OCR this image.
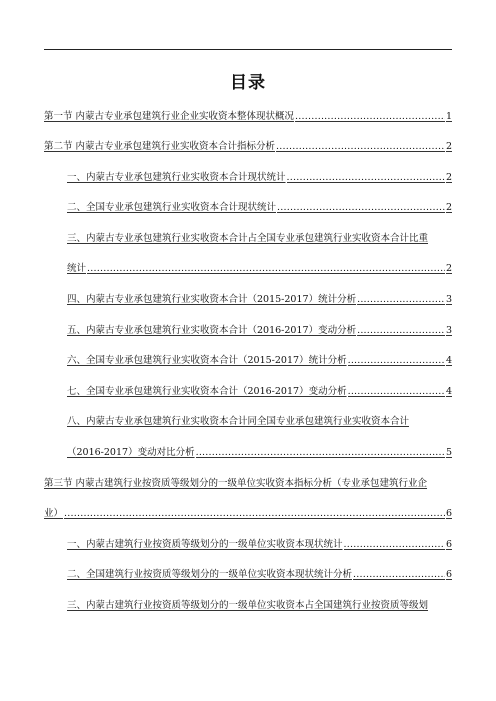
目录
第一节 内蒙古专业承包建筑行业企业实收资本整体现状概况 . . .	1
第二节 内蒙古专业承包建筑行业实收资本合计指标分析 . . .	2
一、内蒙古专业承包建筑行业实收资本合计现状统计 . . .	2
二、全国专业承包建筑行业实收资本合计现状统计 . . .	2
三、内蒙古专业承包建筑行业实收资本合计占全国专业承包建筑行业实收资本合计比重
统计 . . .	2
四、内蒙古专业承包建筑行业实收资本合计（2015-2017）统计分析 . . .	3
五、内蒙古专业承包建筑行业实收资本合计（2016-2017）变动分析 . . .	3
六、全国专业承包建筑行业实收资本合计（2015-2017）统计分析 . . .	4
七、全国专业承包建筑行业实收资本合计（2016-2017）变动分析 . . .	4
八、内蒙古专业承包建筑行业实收资本合计同全国专业承包建筑行业实收资本合计
（2016-2017）变动对比分析 . . .	5
第三节 内蒙古建筑行业按资质等级划分的一级单位实收资本指标分析（专业承包建筑行业企
业） . . .	6
一、内蒙古建筑行业按资质等级划分的一级单位实收资本现状统计 . . .	6
二、全国建筑行业按资质等级划分的一级单位实收资本现状统计分析 . . .	6
三、内蒙古建筑行业按资质等级划分的一级单位实收资本占全国建筑行业按资质等级划
